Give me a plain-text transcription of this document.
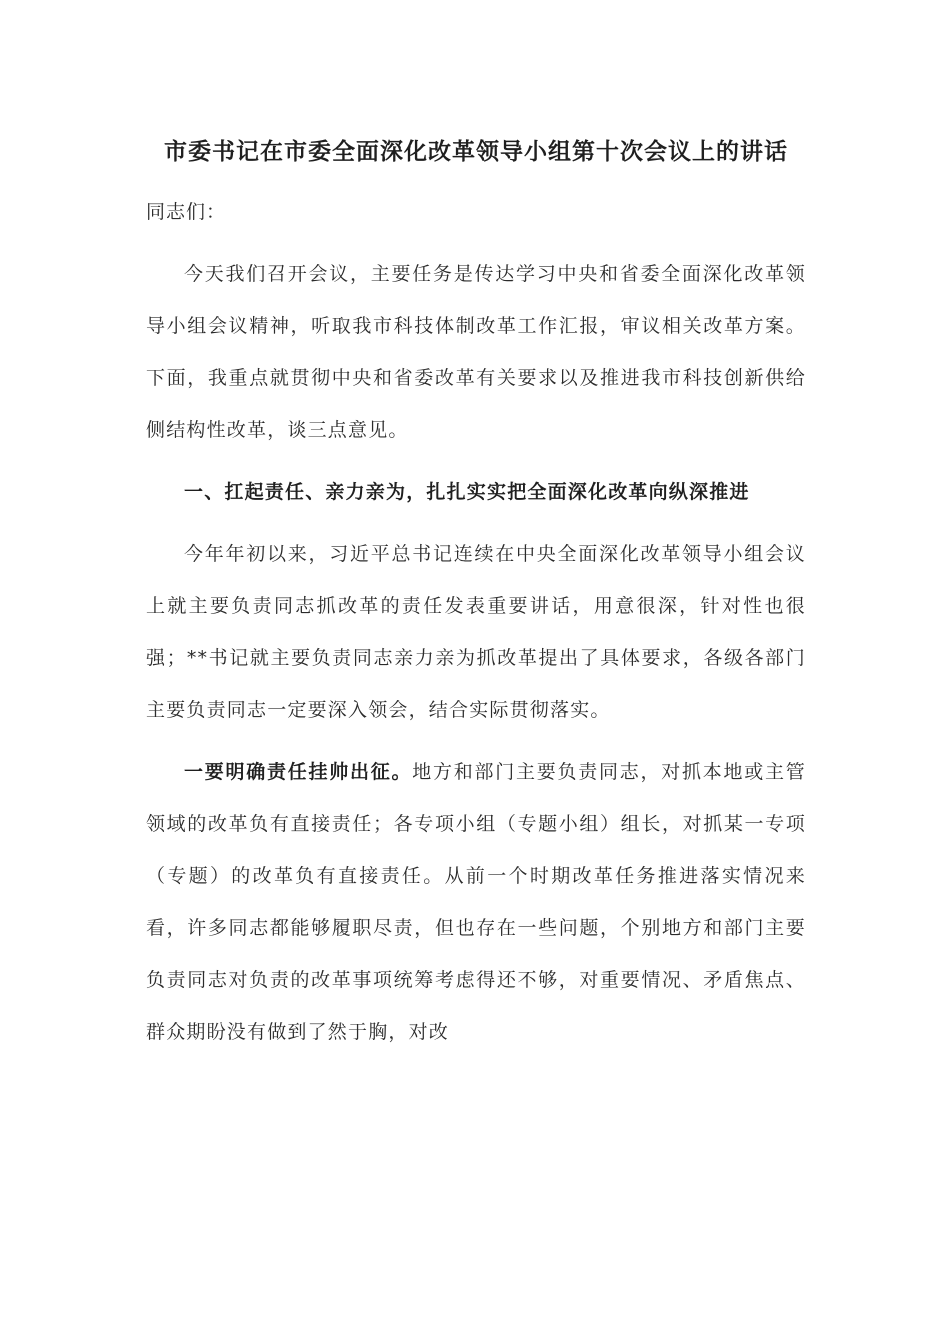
市委书记在市委全面深化改革领导小组第十次会议上的讲话

同志们：

今天我们召开会议，主要任务是传达学习中央和省委全面深化改革领导小组会议精神，听取我市科技体制改革工作汇报，审议相关改革方案。下面，我重点就贯彻中央和省委改革有关要求以及推进我市科技创新供给侧结构性改革，谈三点意见。

一、扛起责任、亲力亲为，扎扎实实把全面深化改革向纵深推进

今年年初以来，习近平总书记连续在中央全面深化改革领导小组会议上就主要负责同志抓改革的责任发表重要讲话，用意很深，针对性也很强；**书记就主要负责同志亲力亲为抓改革提出了具体要求，各级各部门主要负责同志一定要深入领会，结合实际贯彻落实。

一要明确责任挂帅出征。地方和部门主要负责同志，对抓本地或主管领域的改革负有直接责任；各专项小组（专题小组）组长，对抓某一专项（专题）的改革负有直接责任。从前一个时期改革任务推进落实情况来看，许多同志都能够履职尽责，但也存在一些问题，个别地方和部门主要负责同志对负责的改革事项统筹考虑得还不够，对重要情况、矛盾焦点、群众期盼没有做到了然于胸，对改
